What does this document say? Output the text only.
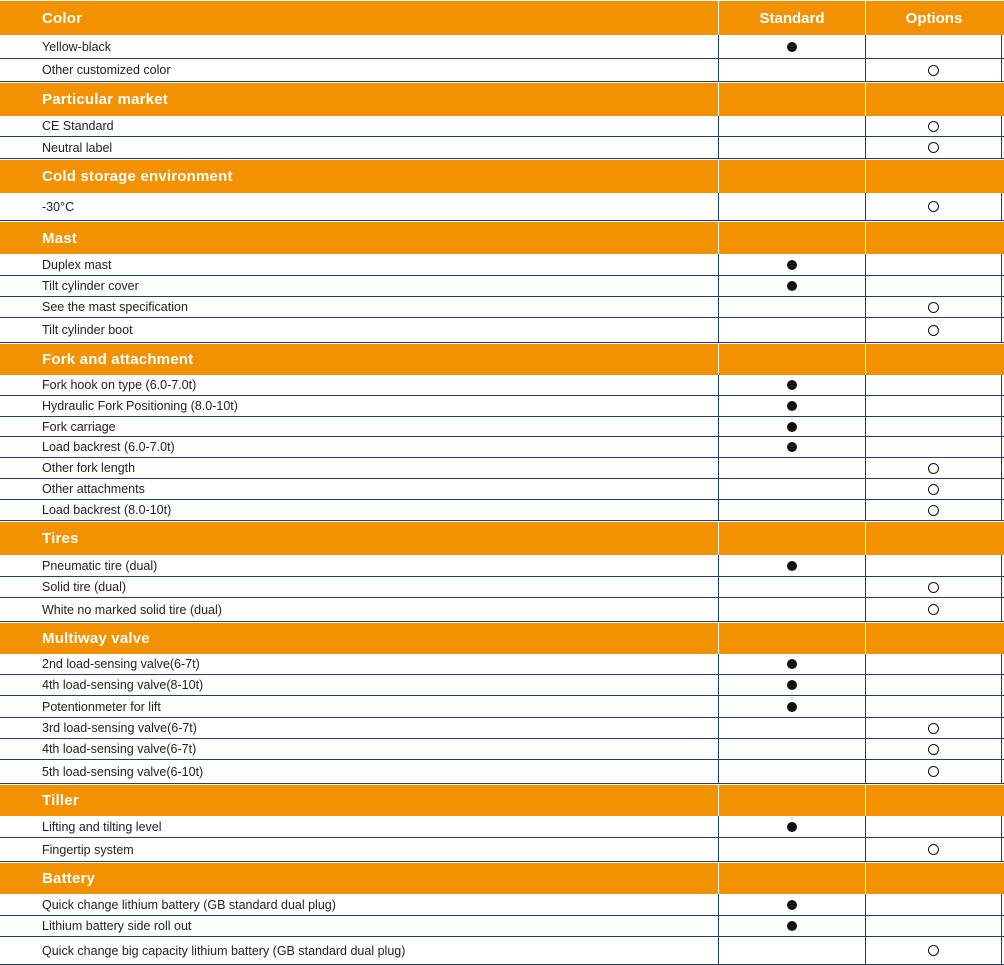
Color	Standard	Options
Yellow-black
Other customized color
Particular market
CE Standard
Neutral label
Cold storage environment
-30°C
Mast
Duplex mast
Tilt cylinder cover
See the mast specification
Tilt cylinder boot
Fork and attachment
Fork hook on type (6.0-7.0t)
Hydraulic Fork Positioning (8.0-10t)
Fork carriage
Load backrest (6.0-7.0t)
Other fork length
Other attachments
Load backrest (8.0-10t)
Tires
Pneumatic tire (dual)
Solid tire (dual)
White no marked solid tire (dual)
Multiway valve
2nd load-sensing valve(6-7t)
4th load-sensing valve(8-10t)
Potentionmeter for lift
3rd load-sensing valve(6-7t)
4th load-sensing valve(6-7t)
5th load-sensing valve(6-10t)
Tiller
Lifting and tilting level
Fingertip system
Battery
Quick change lithium battery (GB standard dual plug)
Lithium battery side roll out
Quick change big capacity lithium battery (GB standard dual plug)
